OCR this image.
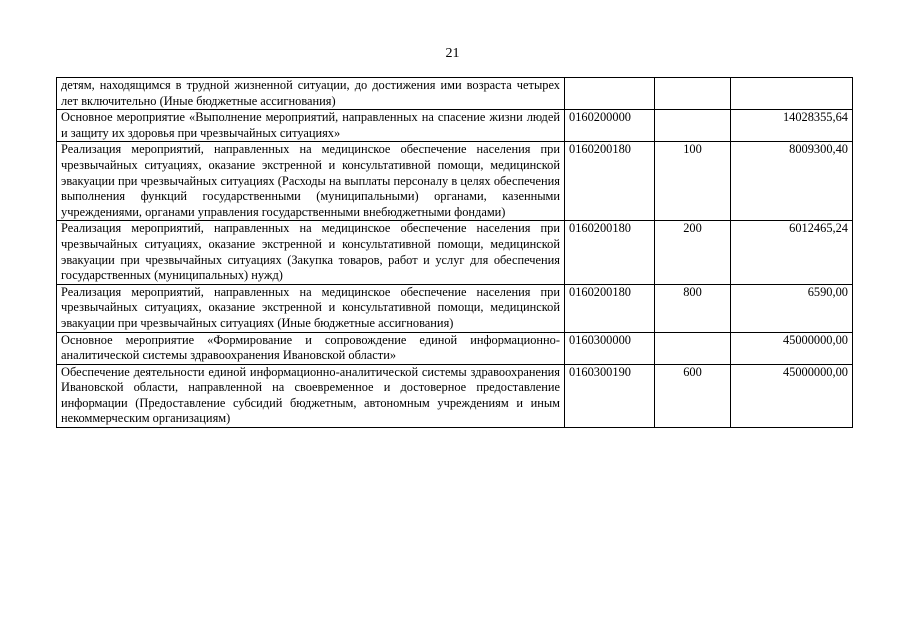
21
детям, находящимся в трудной жизненной ситуации, до достижения ими возраста четырех лет включительно (Иные бюджетные ассигнования)			
Основное мероприятие «Выполнение мероприятий, направленных на спасение жизни людей и защиту их здоровья при чрезвычайных ситуациях»	0160200000		14028355,64
Реализация мероприятий, направленных на медицинское обеспечение населения при чрезвычайных ситуациях, оказание экстренной и консультативной помощи, медицинской эвакуации при чрезвычайных ситуациях (Расходы на выплаты персоналу в целях обеспечения выполнения функций государственными (муниципальными) органами, казенными учреждениями, органами управления государственными внебюджетными фондами)	0160200180	100	8009300,40
Реализация мероприятий, направленных на медицинское обеспечение населения при чрезвычайных ситуациях, оказание экстренной и консультативной помощи, медицинской эвакуации при чрезвычайных ситуациях (Закупка товаров, работ и услуг для обеспечения государственных (муниципальных) нужд)	0160200180	200	6012465,24
Реализация мероприятий, направленных на медицинское обеспечение населения при чрезвычайных ситуациях, оказание экстренной и консультативной помощи, медицинской эвакуации при чрезвычайных ситуациях (Иные бюджетные ассигнования)	0160200180	800	6590,00
Основное мероприятие «Формирование и сопровождение единой информационно-аналитической системы здравоохранения Ивановской области»	0160300000		45000000,00
Обеспечение деятельности единой информационно-аналитической системы здравоохранения Ивановской области, направленной на своевременное и достоверное предоставление информации (Предоставление субсидий бюджетным, автономным учреждениям и иным некоммерческим организациям)	0160300190	600	45000000,00
